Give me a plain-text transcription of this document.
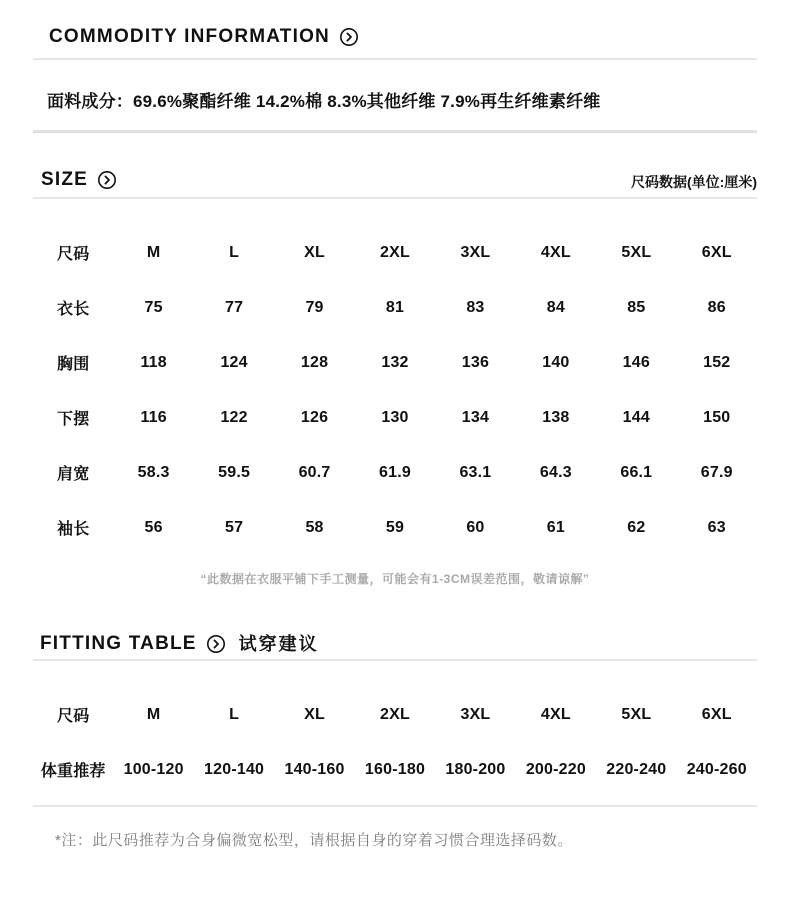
COMMODITY INFORMATION
面料成分：69.6%聚酯纤维 14.2%棉 8.3%其他纤维 7.9%再生纤维素纤维
SIZE	尺码数据(单位:厘米)
尺码	M	L	XL	2XL	3XL	4XL	5XL	6XL
衣长	75	77	79	81	83	84	85	86
胸围	118	124	128	132	136	140	146	152
下摆	116	122	126	130	134	138	144	150
肩宽	58.3	59.5	60.7	61.9	63.1	64.3	66.1	67.9
袖长	56	57	58	59	60	61	62	63
“此数据在衣服平铺下手工测量，可能会有1-3CM误差范围，敬请谅解”
FITTING TABLE 试穿建议
尺码	M	L	XL	2XL	3XL	4XL	5XL	6XL
体重推荐	100-120	120-140	140-160	160-180	180-200	200-220	220-240	240-260
*注：此尺码推荐为合身偏微宽松型，请根据自身的穿着习惯合理选择码数。
